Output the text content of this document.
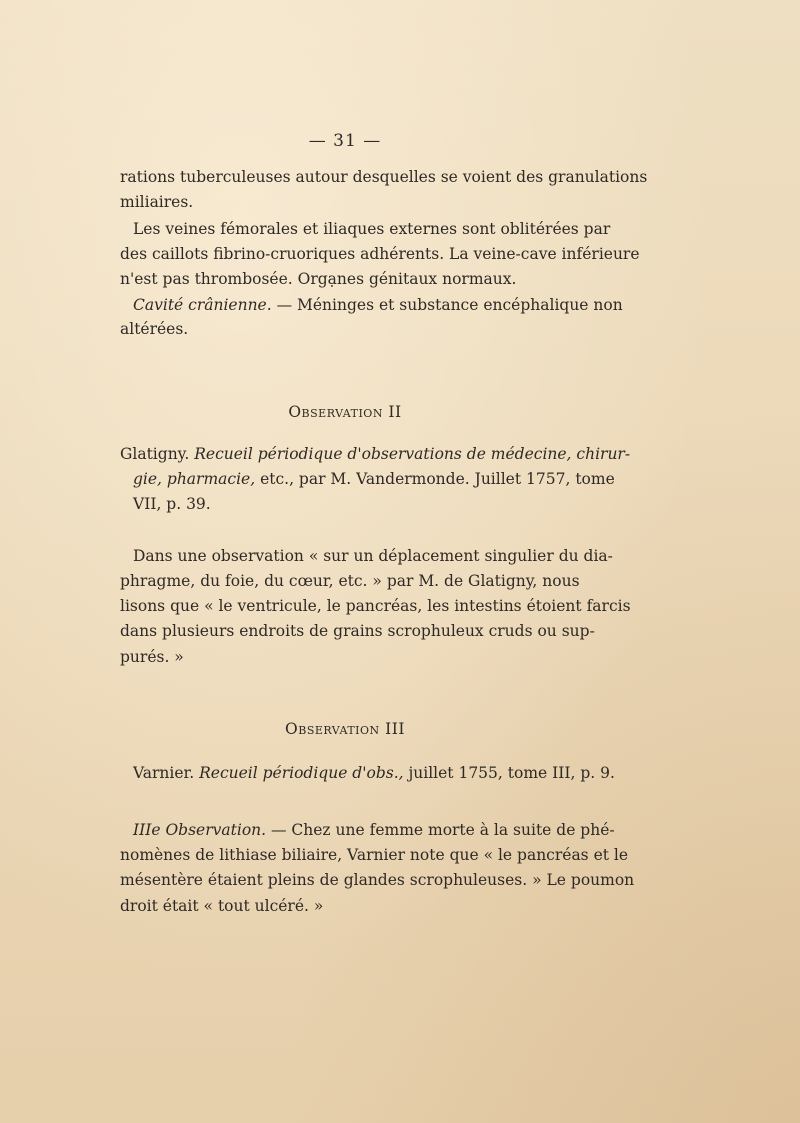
— 31 —
rations tuberculeuses autour desquelles se voient des granulations
miliaires.
Les veines fémorales et iliaques externes sont oblitérées par
des caillots fibrino-cruoriques adhérents. La veine-cave inférieure
n'est pas thrombosée. Orgạnes génitaux normaux.
Cavité crânienne. — Méninges et substance encéphalique non
altérées.
Observation II
Glatigny. Recueil périodique d'observations de médecine, chirur-
gie, pharmacie, etc., par M. Vandermonde. Juillet 1757, tome
VII, p. 39.
Dans une observation « sur un déplacement singulier du dia-
phragme, du foie, du cœur, etc. » par M. de Glatigny, nous
lisons que « le ventricule, le pancréas, les intestins étoient farcis
dans plusieurs endroits de grains scrophuleux cruds ou sup-
purés. »
Observation III
Varnier. Recueil périodique d'obs., juillet 1755, tome III, p. 9.
IIIe Observation. — Chez une femme morte à la suite de phé-
nomènes de lithiase biliaire, Varnier note que « le pancréas et le
mésentère étaient pleins de glandes scrophuleuses. » Le poumon
droit était « tout ulcéré. »
